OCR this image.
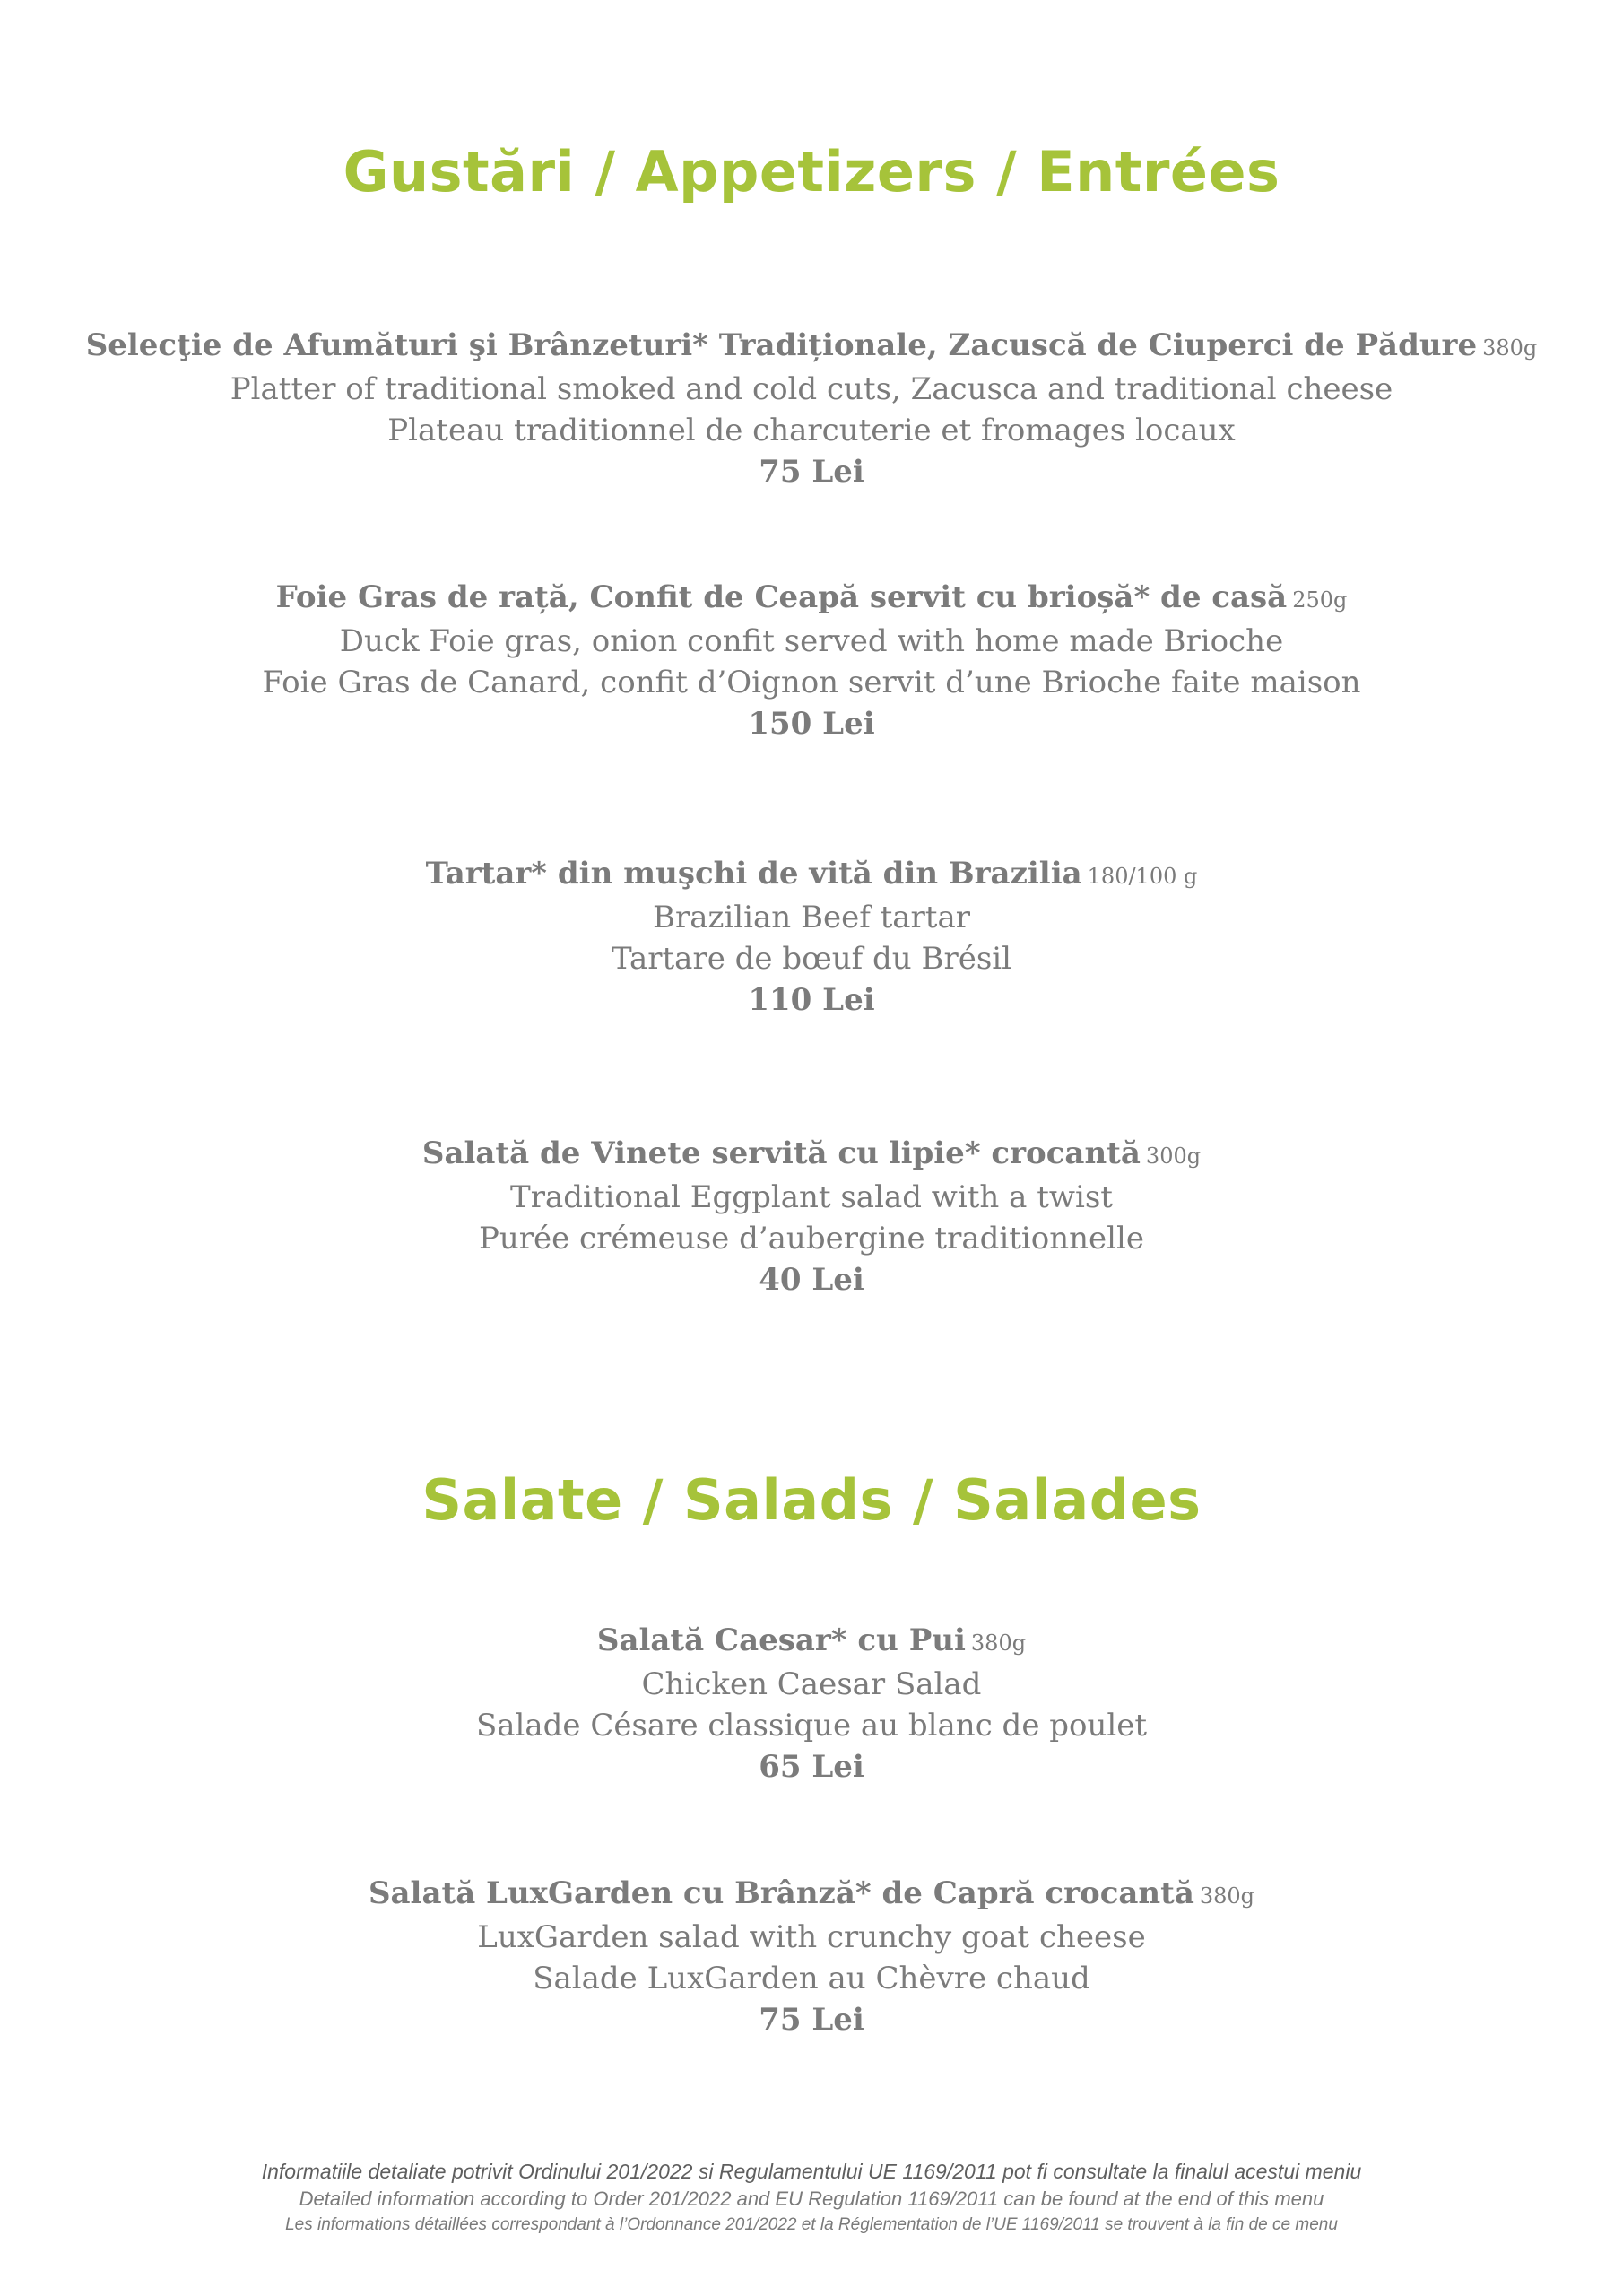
Gustări / Appetizers / Entrées
Selecţie de Afumături şi Brânzeturi* Tradiționale, Zacuscă de Ciuperci de Pădure 380g
Platter of traditional smoked and cold cuts, Zacusca and traditional cheese
Plateau traditionnel de charcuterie et fromages locaux
75 Lei
Foie Gras de rață, Confit de Ceapă servit cu brioșă* de casă 250g
Duck Foie gras, onion confit served with home made Brioche
Foie Gras de Canard, confit d’Oignon servit d’une Brioche faite maison
150 Lei
Tartar* din muşchi de vită din Brazilia 180/100 g
Brazilian Beef tartar
Tartare de bœuf du Brésil
110 Lei
Salată de Vinete servită cu lipie* crocantă 300g
Traditional Eggplant salad with a twist
Purée crémeuse d’aubergine traditionnelle
40 Lei
Salate / Salads / Salades
Salată Caesar* cu Pui 380g
Chicken Caesar Salad
Salade Césare classique au blanc de poulet
65 Lei
Salată LuxGarden cu Brânză* de Capră crocantă 380g
LuxGarden salad with crunchy goat cheese
Salade LuxGarden au Chèvre chaud
75 Lei
Informatiile detaliate potrivit Ordinului 201/2022 si Regulamentului UE 1169/2011 pot fi consultate la finalul acestui meniu
Detailed information according to Order 201/2022 and EU Regulation 1169/2011 can be found at the end of this menu
Les informations détaillées correspondant à l’Ordonnance 201/2022 et la Réglementation de l’UE 1169/2011 se trouvent à la fin de ce menu
